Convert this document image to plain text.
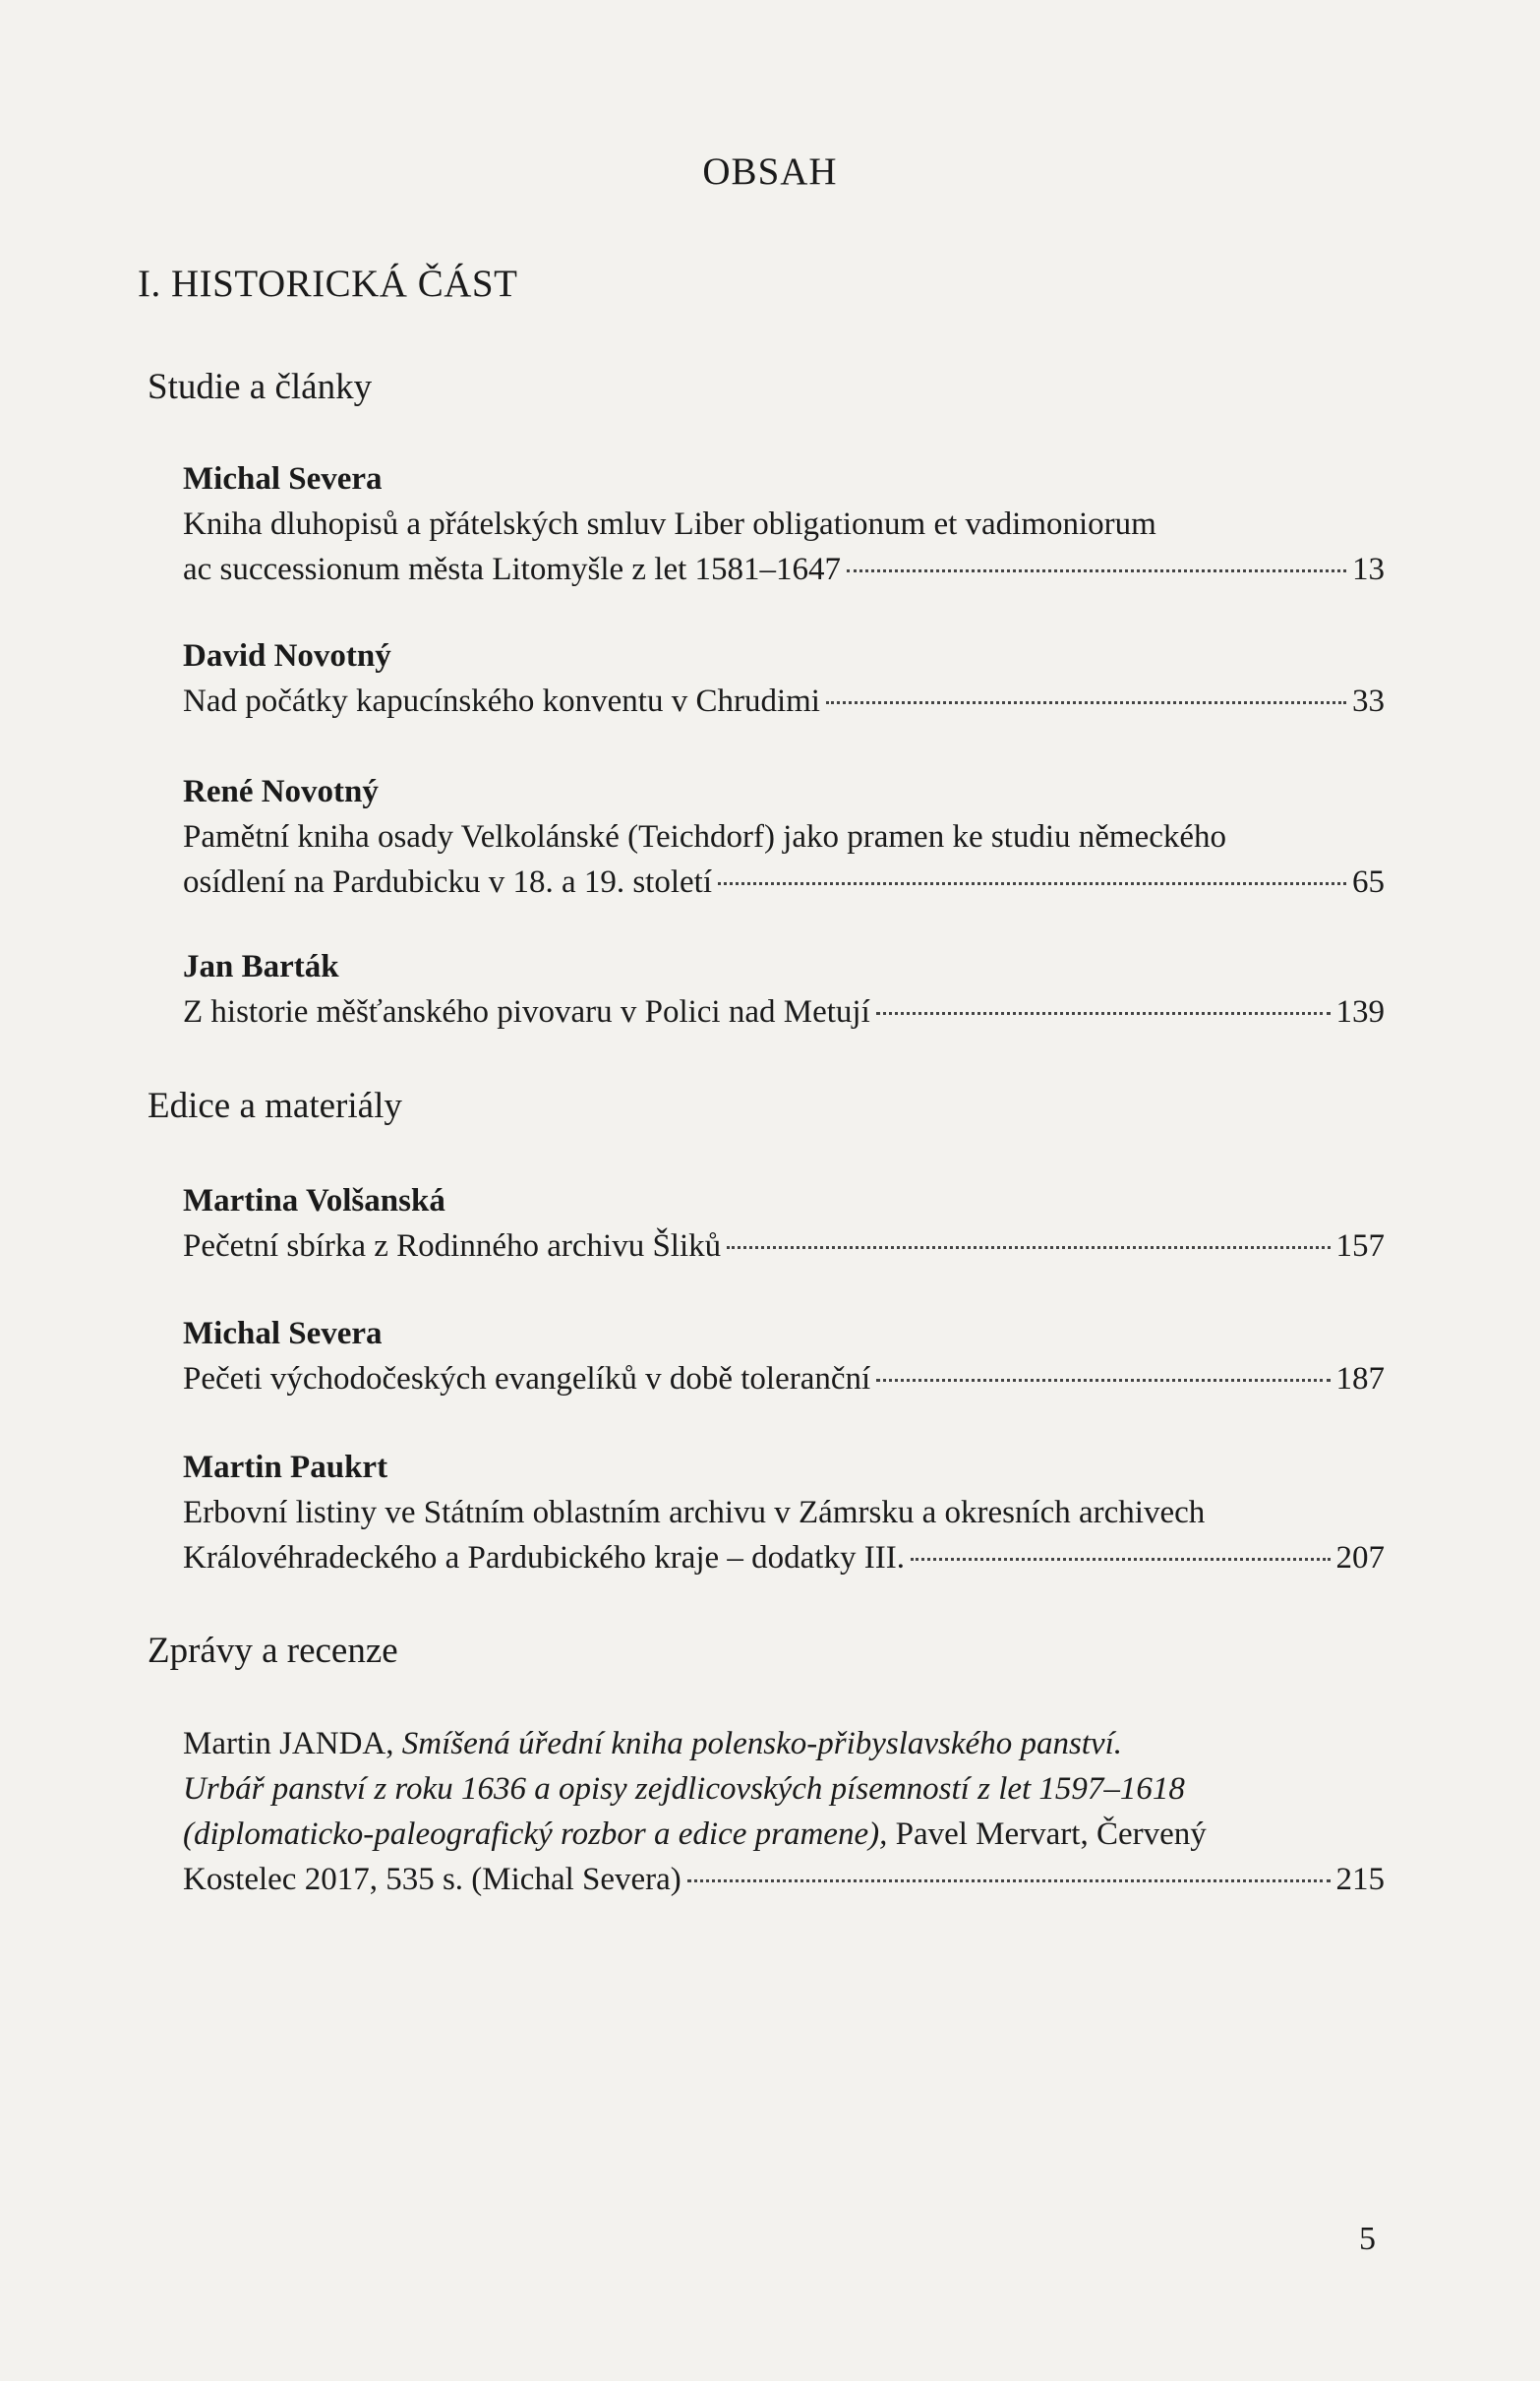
OBSAH
I. HISTORICKÁ ČÁST
Studie a články
Michal Severa
Kniha dluhopisů a přátelských smluv Liber obligationum et vadimoniorum
ac successionum města Litomyšle z let 1581–1647	13
David Novotný
Nad počátky kapucínského konventu v Chrudimi	33
René Novotný
Pamětní kniha osady Velkolánské (Teichdorf) jako pramen ke studiu německého
osídlení na Pardubicku v 18. a 19. století	65
Jan Barták
Z historie měšťanského pivovaru v Polici nad Metují	139
Edice a materiály
Martina Volšanská
Pečetní sbírka z Rodinného archivu Šliků	157
Michal Severa
Pečeti východočeských evangelíků v době toleranční	187
Martin Paukrt
Erbovní listiny ve Státním oblastním archivu v Zámrsku a okresních archivech
Královéhradeckého a Pardubického kraje – dodatky III.	207
Zprávy a recenze
Martin JANDA, Smíšená úřední kniha polensko-přibyslavského panství.
Urbář panství z roku 1636 a opisy zejdlicovských písemností z let 1597–1618
(diplomaticko-paleografický rozbor a edice pramene), Pavel Mervart, Červený
Kostelec 2017, 535 s. (Michal Severa)	215
5
